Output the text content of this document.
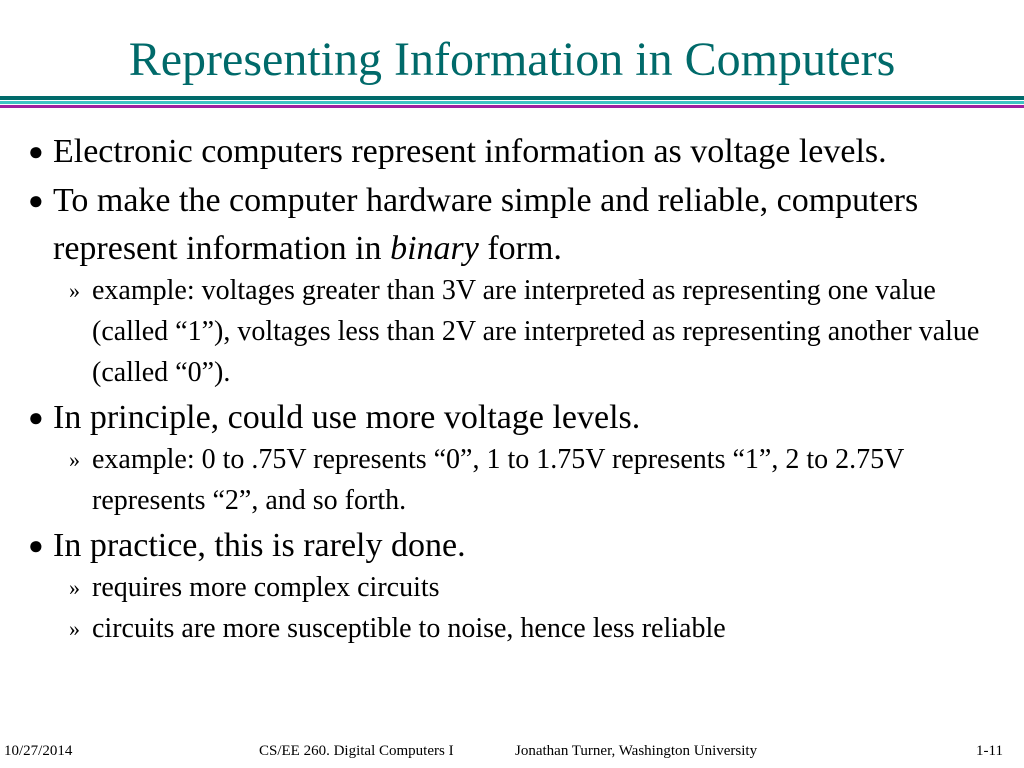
Representing Information in Computers
● Electronic computers represent information as voltage levels.
● To make the computer hardware simple and reliable, computers represent information in binary form.
» example: voltages greater than 3V are interpreted as representing one value (called “1”), voltages less than 2V are interpreted as representing another value (called “0”).
● In principle, could use more voltage levels.
» example: 0 to .75V represents “0”, 1 to 1.75V represents “1”, 2 to 2.75V represents “2”, and so forth.
● In practice, this is rarely done.
» requires more complex circuits
» circuits are more susceptible to noise, hence less reliable
10/27/2014	CS/EE 260. Digital Computers I	Jonathan Turner, Washington University	1-11
